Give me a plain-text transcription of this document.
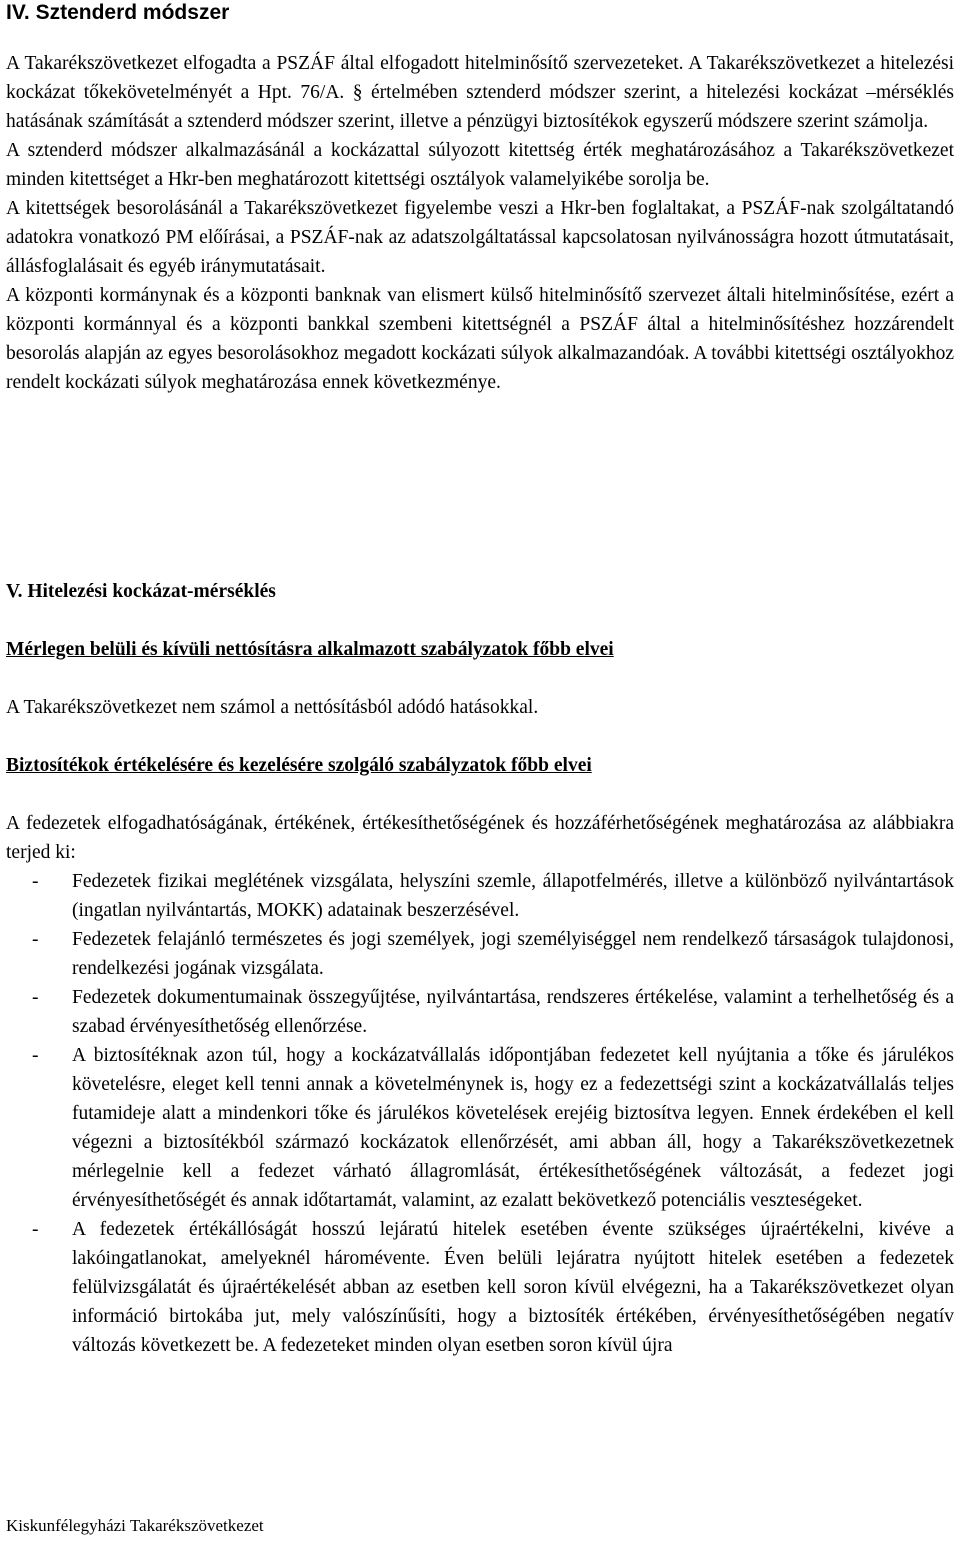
IV. Sztenderd módszer

A Takarékszövetkezet elfogadta a PSZÁF által elfogadott hitelminősítő szervezeteket. A Takarékszövetkezet a hitelezési kockázat tőkekövetelményét a Hpt. 76/A. § értelmében sztenderd módszer szerint, a hitelezési kockázat –mérséklés hatásának számítását a sztenderd módszer szerint, illetve a pénzügyi biztosítékok egyszerű módszere szerint számolja.

A sztenderd módszer alkalmazásánál a kockázattal súlyozott kitettség érték meghatározásához a Takarékszövetkezet minden kitettséget a Hkr-ben meghatározott kitettségi osztályok valamelyikébe sorolja be.

A kitettségek besorolásánál a Takarékszövetkezet figyelembe veszi a Hkr-ben foglaltakat, a PSZÁF-nak szolgáltatandó adatokra vonatkozó PM előírásai, a PSZÁF-nak az adatszolgáltatással kapcsolatosan nyilvánosságra hozott útmutatásait, állásfoglalásait és egyéb iránymutatásait.

A központi kormánynak és a központi banknak van elismert külső hitelminősítő szervezet általi hitelminősítése, ezért a központi kormánnyal és a központi bankkal szembeni kitettségnél a PSZÁF által a hitelminősítéshez hozzárendelt besorolás alapján az egyes besorolásokhoz megadott kockázati súlyok alkalmazandóak. A további kitettségi osztályokhoz rendelt kockázati súlyok meghatározása ennek következménye.

V. Hitelezési kockázat-mérséklés
Mérlegen belüli és kívüli nettósításra alkalmazott szabályzatok főbb elvei

A Takarékszövetkezet nem számol a nettósításból adódó hatásokkal.

Biztosítékok értékelésére és kezelésére szolgáló szabályzatok főbb elvei

A fedezetek elfogadhatóságának, értékének, értékesíthetőségének és hozzáférhetőségének meghatározása az alábbiakra terjed ki:

- Fedezetek fizikai meglétének vizsgálata, helyszíni szemle, állapotfelmérés, illetve a különböző nyilvántartások (ingatlan nyilvántartás, MOKK) adatainak beszerzésével.
- Fedezetek felajánló természetes és jogi személyek, jogi személyiséggel nem rendelkező társaságok tulajdonosi, rendelkezési jogának vizsgálata.
- Fedezetek dokumentumainak összegyűjtése, nyilvántartása, rendszeres értékelése, valamint a terhelhetőség és a szabad érvényesíthetőség ellenőrzése.
- A biztosítéknak azon túl, hogy a kockázatvállalás időpontjában fedezetet kell nyújtania a tőke és járulékos követelésre, eleget kell tenni annak a követelménynek is, hogy ez a fedezettségi szint a kockázatvállalás teljes futamideje alatt a mindenkori tőke és járulékos követelések erejéig biztosítva legyen. Ennek érdekében el kell végezni a biztosítékból származó kockázatok ellenőrzését, ami abban áll, hogy a Takarékszövetkezetnek mérlegelnie kell a fedezet várható állagromlását, értékesíthetőségének változását, a fedezet jogi érvényesíthetőségét és annak időtartamát, valamint, az ezalatt bekövetkező potenciális veszteségeket.
- A fedezetek értékállóságát hosszú lejáratú hitelek esetében évente szükséges újraértékelni, kivéve a lakóingatlanokat, amelyeknél háromévente. Éven belüli lejáratra nyújtott hitelek esetében a fedezetek felülvizsgálatát és újraértékelését abban az esetben kell soron kívül elvégezni, ha a Takarékszövetkezet olyan információ birtokába jut, mely valószínűsíti, hogy a biztosíték értékében, érvényesíthetőségében negatív változás következett be. A fedezeteket minden olyan esetben soron kívül újra
Kiskunfélegyházi Takarékszövetkezet
